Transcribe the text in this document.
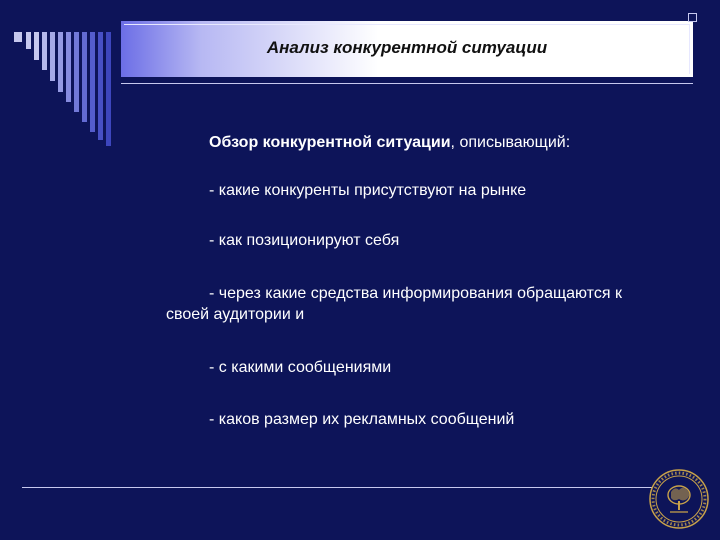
Анализ конкурентной ситуации
Обзор конкурентной ситуации, описывающий:
- какие конкуренты присутствуют на рынке
- как позиционируют себя
- через какие средства информирования обращаются к
своей аудитории и
- с какими сообщениями
- каков размер их рекламных сообщений
